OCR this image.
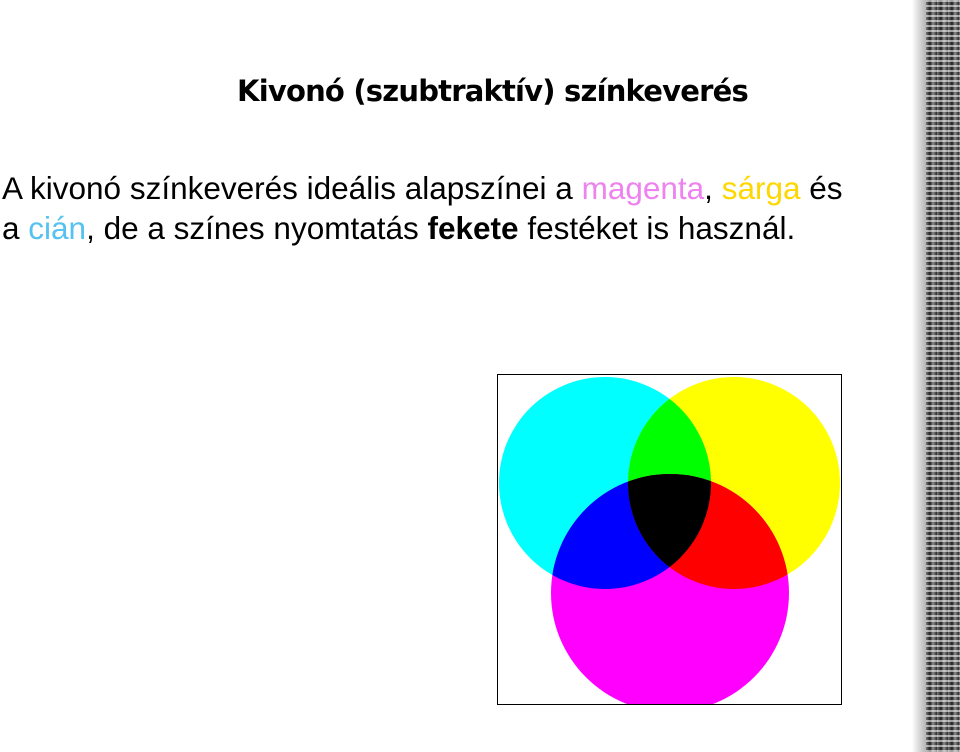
Kivonó (szubtraktív) színkeverés
A kivonó színkeverés ideális alapszínei a magenta, sárga és
a cián, de a színes nyomtatás fekete festéket is használ.
